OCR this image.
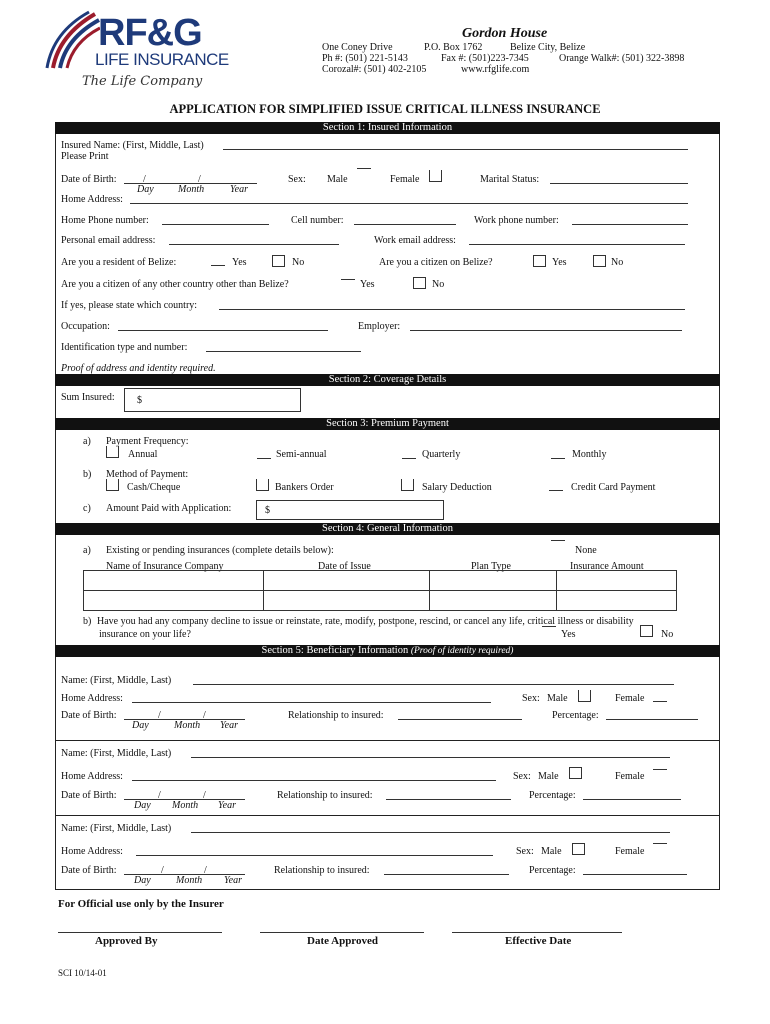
RF&G
LIFE INSURANCE
The Life Company
Gordon House
One Coney Drive	P.O. Box 1762	Belize City, Belize
Ph #: (501) 221-5143	Fax #: (501)223-7345	Orange Walk#: (501) 322-3898
Corozal#: (501) 402-2105	www.rfglife.com
APPLICATION FOR SIMPLIFIED ISSUE CRITICAL ILLNESS INSURANCE
Section 1: Insured Information
Insured Name: (First, Middle, Last)
Please Print
Date of Birth:	/	/
Day Month	Year
Sex: Male	Female	Marital Status:
Home Address:
Home Phone number:	Cell number:	Work phone number:
Personal email address:	Work email address:
Are you a resident of Belize:	Yes	No	Are you a citizen on Belize?	Yes	No
Are you a citizen of any other country other than Belize?	Yes	No
If yes, please state which country:
Occupation:	Employer:
Identification type and number:
Proof of address and identity required.
Section 2: Coverage Details
Sum Insured: $
Section 3: Premium Payment
a) Payment Frequency:
Annual	Semi-annual	Quarterly	Monthly
b) Method of Payment:
Cash/Cheque	Bankers Order	Salary Deduction	Credit Card Payment
c) Amount Paid with Application:	$
Section 4: General Information
a) Existing or pending insurances (complete details below):	None
Name of Insurance Company	Date of Issue	Plan Type	Insurance Amount

b) Have you had any company decline to issue or reinstate, rate, modify, postpone, rescind, or cancel any life, critical illness or disability
insurance on your life?	Yes	No
Section 5: Beneficiary Information (Proof of identity required)
Name: (First, Middle, Last)
Home Address:	Sex: Male	Female
Date of Birth:	/	/
Day	Month Year
Relationship to insured:	Percentage:
Name: (First, Middle, Last)
Home Address:	Sex: Male	Female
Date of Birth:	/	/
Day Month Year
Relationship to insured:	Percentage:
Name: (First, Middle, Last)
Home Address:	Sex: Male	Female
Date of Birth:	/	/
Day	Month Year
Relationship to insured:	Percentage:
For Official use only by the Insurer
Approved By	Date Approved	Effective Date
SCI 10/14-01
